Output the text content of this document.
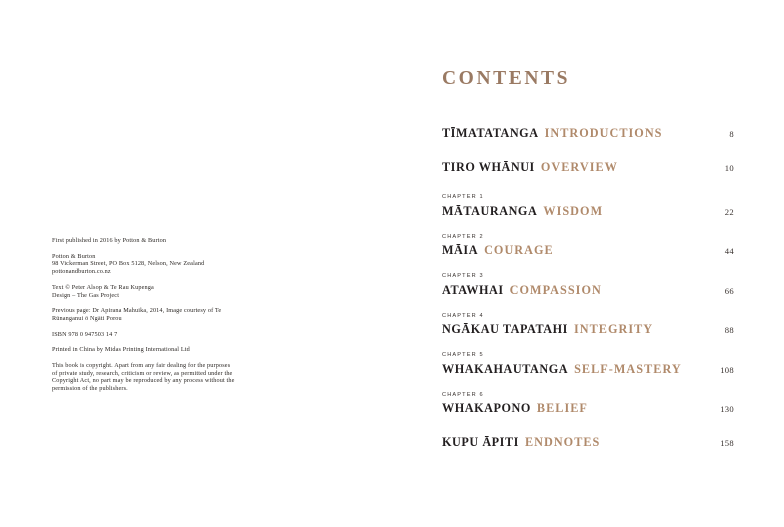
First published in 2016 by Potton & Burton
Potton & Burton
98 Vickerman Street, PO Box 5128, Nelson, New Zealand
pottonandburton.co.nz
Text © Peter Alsop & Te Rau Kupenga
Design – The Gas Project
Previous page: Dr Apirana Mahuika, 2014, Image courtesy of Te
Rūnanganui ō Ngāti Porou
ISBN 978 0 947503 14 7
Printed in China by Midas Printing International Ltd
This book is copyright. Apart from any fair dealing for the purposes
of private study, research, criticism or review, as permitted under the
Copyright Act, no part may be reproduced by any process without the
permission of the publishers.
CONTENTS
TĪMATATANGA INTRODUCTIONS	8
TIRO WHĀNUI OVERVIEW	10
CHAPTER 1
MĀTAURANGA WISDOM	22
CHAPTER 2
MĀIA COURAGE	44
CHAPTER 3
ATAWHAI COMPASSION	66
CHAPTER 4
NGĀKAU TAPATAHI INTEGRITY	88
CHAPTER 5
WHAKAHAUTANGA SELF-MASTERY	108
CHAPTER 6
WHAKAPONO BELIEF	130
KUPU ĀPITI ENDNOTES	158
